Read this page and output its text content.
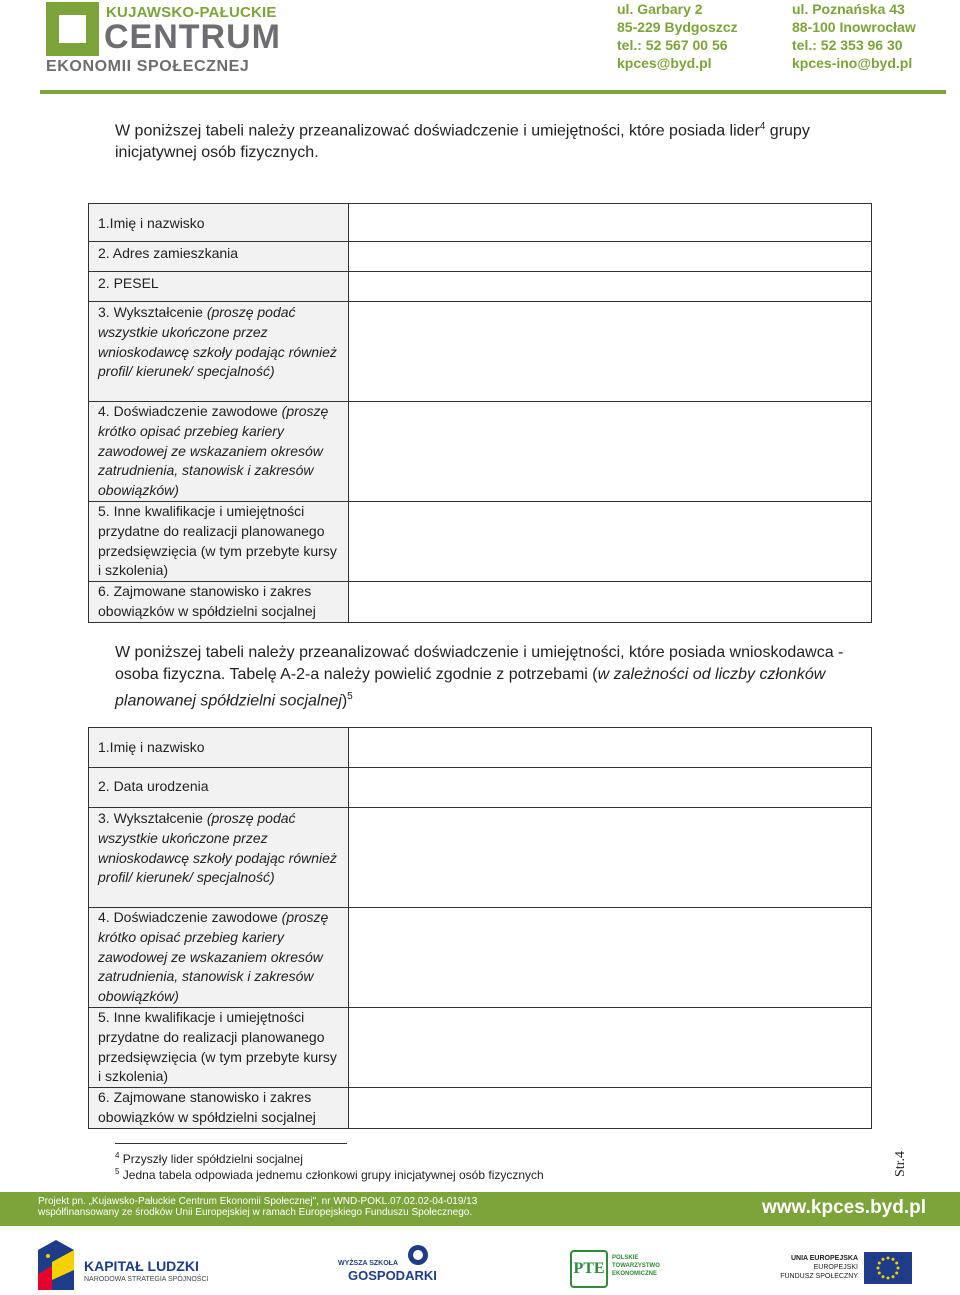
KUJAWSKO-PAŁUCKIE
CENTRUM
EKONOMII SPOŁECZNEJ
ul. Garbary 2
85-229 Bydgoszcz
tel.: 52 567 00 56
kpces@byd.pl
ul. Poznańska 43
88-100 Inowrocław
tel.: 52 353 96 30
kpces-ino@byd.pl
W poniższej tabeli należy przeanalizować doświadczenie i umiejętności, które posiada lider$^4$ grupy inicjatywnej osób fizycznych.
1.Imię i nazwisko	
2. Adres zamieszkania	
2. PESEL	
3. Wykształcenie (proszę podać wszystkie ukończone przez wnioskodawcę szkoły podając również profil/ kierunek/ specjalność)	
4. Doświadczenie zawodowe (proszę krótko opisać przebieg kariery zawodowej ze wskazaniem okresów zatrudnienia, stanowisk i zakresów obowiązków)	
5. Inne kwalifikacje i umiejętności przydatne do realizacji planowanego przedsięwzięcia (w tym przebyte kursy i szkolenia)	
6. Zajmowane stanowisko i zakres obowiązków w spółdzielni socjalnej	
W poniższej tabeli należy przeanalizować doświadczenie i umiejętności, które posiada wnioskodawca - osoba fizyczna. Tabelę A-2-a należy powielić zgodnie z potrzebami (w zależności od liczby członków planowanej spółdzielni socjalnej)$^5$
1.Imię i nazwisko	
2. Data urodzenia	
3. Wykształcenie (proszę podać wszystkie ukończone przez wnioskodawcę szkoły podając również profil/ kierunek/ specjalność)	
4. Doświadczenie zawodowe (proszę krótko opisać przebieg kariery zawodowej ze wskazaniem okresów zatrudnienia, stanowisk i zakresów obowiązków)	
5. Inne kwalifikacje i umiejętności przydatne do realizacji planowanego przedsięwzięcia (w tym przebyte kursy i szkolenia)	
6. Zajmowane stanowisko i zakres obowiązków w spółdzielni socjalnej	
$^4$ Przyszły lider spółdzielni socjalnej
$^5$ Jedna tabela odpowiada jednemu członkowi grupy inicjatywnej osób fizycznych	Str.4
Projekt pn. „Kujawsko-Pałuckie Centrum Ekonomii Społecznej", nr WND-POKL.07.02.02-04-019/13
współfinansowany ze środków Unii Europejskiej w ramach Europejskiego Funduszu Społecznego.	www.kpces.byd.pl
KAPITAŁ LUDZKI
NARODOWA STRATEGIA SPÓJNOŚCI
WYŻSZA SZKOŁA
GOSPODARKI	PTE
POLSKIE
TOWARZYSTWO
EKONOMICZNE
UNIA EUROPEJSKA
EUROPEJSKI
FUNDUSZ SPOŁECZNY
